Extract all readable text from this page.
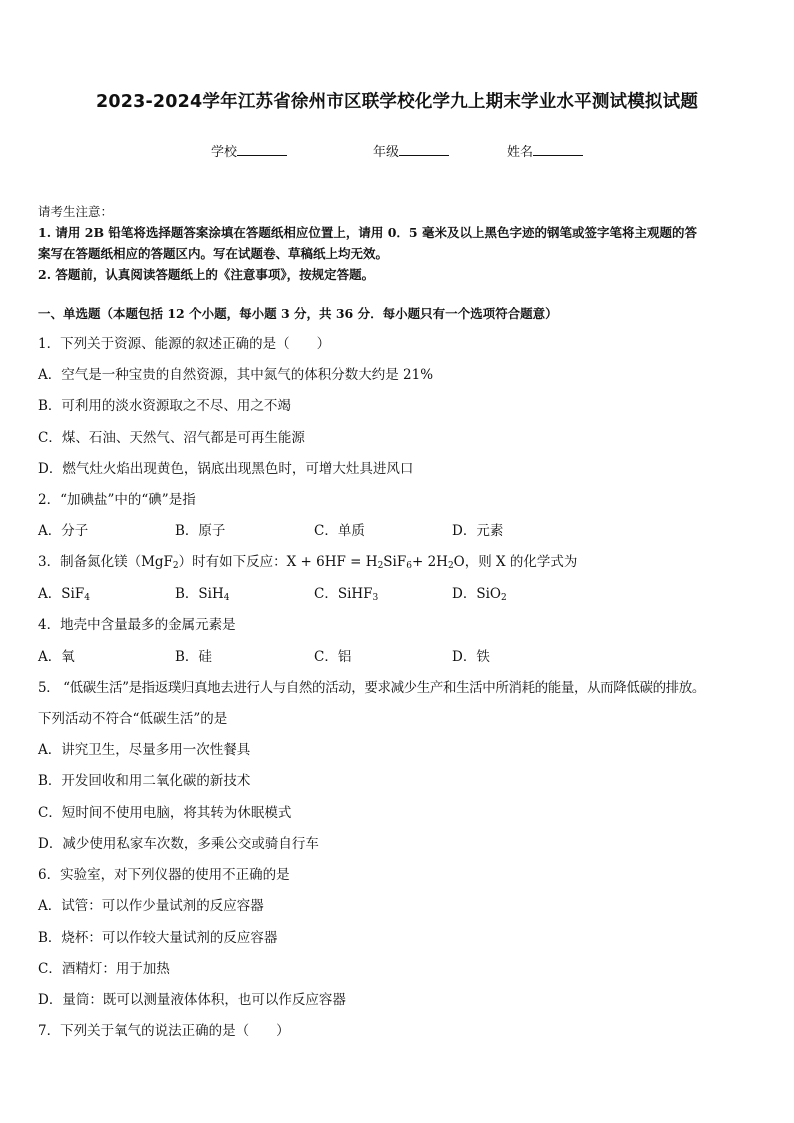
2023-2024学年江苏省徐州市区联学校化学九上期末学业水平测试模拟试题
学校	年级	姓名
请考生注意：
1. 请用 2B 铅笔将选择题答案涂填在答题纸相应位置上，请用 0．5 毫米及以上黑色字迹的钢笔或签字笔将主观题的答
案写在答题纸相应的答题区内。写在试题卷、草稿纸上均无效。
2. 答题前，认真阅读答题纸上的《注意事项》，按规定答题。
一、单选题（本题包括 12 个小题，每小题 3 分，共 36 分．每小题只有一个选项符合题意）
1．下列关于资源、能源的叙述正确的是（　　）
A．空气是一种宝贵的自然资源，其中氮气的体积分数大约是 21%
B．可利用的淡水资源取之不尽、用之不竭
C．煤、石油、天然气、沼气都是可再生能源
D．燃气灶火焰出现黄色，锅底出现黑色时，可增大灶具进风口
2．“加碘盐”中的“碘”是指
A．分子	B．原子	C．单质	D．元素
3．制备氮化镁（MgF$_2$）时有如下反应：$X + 6HF = H_2SiF_6+ 2H_2O$，则 X 的化学式为
A．SiF$_4$	B．SiH$_4$	C．SiHF$_3$	D．SiO$_2$
4．地壳中含量最多的金属元素是
A．氧	B．硅	C．铝	D．铁
5． “低碳生活”是指返璞归真地去进行人与自然的活动，要求减少生产和生活中所消耗的能量，从而降低碳的排放。
下列活动不符合“低碳生活”的是
A．讲究卫生，尽量多用一次性餐具
B．开发回收和用二氧化碳的新技术
C．短时间不使用电脑，将其转为休眠模式
D．减少使用私家车次数，多乘公交或骑自行车
6．实验室，对下列仪器的使用不正确的是
A．试管：可以作少量试剂的反应容器
B．烧杯：可以作较大量试剂的反应容器
C．酒精灯：用于加热
D．量筒：既可以测量液体体积，也可以作反应容器
7．下列关于氧气的说法正确的是（　　）
